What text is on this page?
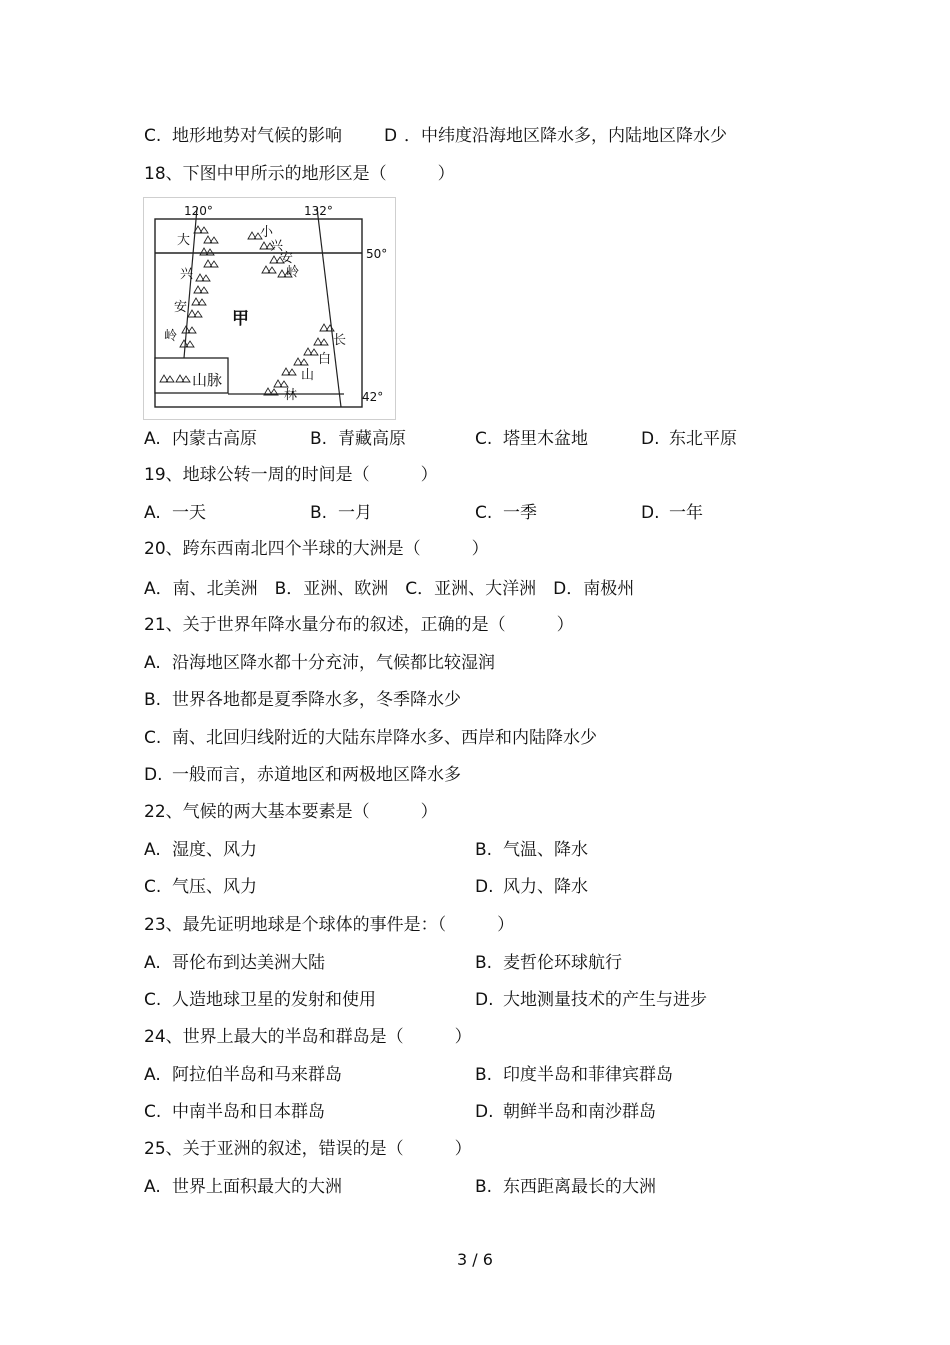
C. 地形地势对气候的影响 D ．中纬度沿海地区降水多，内陆地区降水少
18、下图中甲所示的地形区是（　　　）
120°	132°
50°
42°
甲
山脉
大
兴
安
岭
小
兴
安
岭
长
白
山
林
A. 内蒙古高原	B. 青藏高原	C. 塔里木盆地	D. 东北平原
19、地球公转一周的时间是（　　　）
A. 一天	B. 一月	C. 一季	D. 一年
20、跨东西南北四个半球的大洲是（　　　）
A．南、北美洲　B．亚洲、欧洲　C．亚洲、大洋洲　D．南极州
21、关于世界年降水量分布的叙述，正确的是（　　　）
A. 沿海地区降水都十分充沛，气候都比较湿润
B. 世界各地都是夏季降水多，冬季降水少
C. 南、北回归线附近的大陆东岸降水多、西岸和内陆降水少
D. 一般而言，赤道地区和两极地区降水多
22、气候的两大基本要素是（　　　）
A. 湿度、风力	B. 气温、降水
C. 气压、风力	D. 风力、降水
23、最先证明地球是个球体的事件是：（　　　）
A. 哥伦布到达美洲大陆	B. 麦哲伦环球航行
C. 人造地球卫星的发射和使用	D. 大地测量技术的产生与进步
24、世界上最大的半岛和群岛是（　　　）
A. 阿拉伯半岛和马来群岛	B. 印度半岛和菲律宾群岛
C. 中南半岛和日本群岛	D. 朝鲜半岛和南沙群岛
25、关于亚洲的叙述，错误的是（　　　）
A. 世界上面积最大的大洲	B. 东西距离最长的大洲
3 / 6
